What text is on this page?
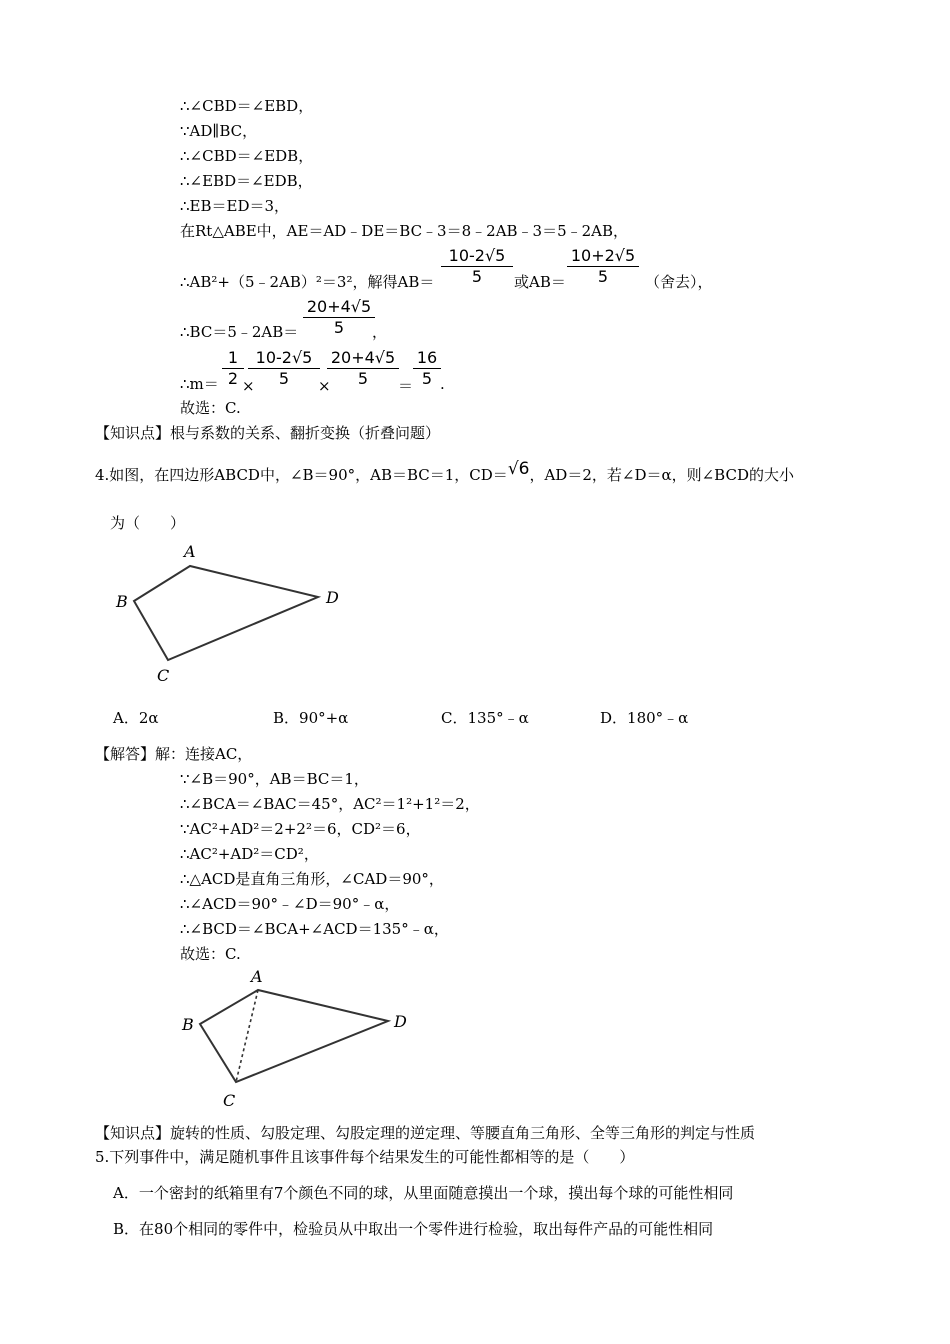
∴∠CBD＝∠EBD，
∵AD∥BC，
∴∠CBD＝∠EDB，
∴∠EBD＝∠EDB，
∴EB＝ED＝3，
在Rt△ABE中，AE＝AD﹣DE＝BC﹣3＝8﹣2AB﹣3＝5﹣2AB，
∴AB²+（5﹣2AB）²＝3²，解得$AB= \frac{10-2√5}{5}$ 或$AB= \frac{10+2√5}{5}$ （舍去），
∴BC＝5﹣2AB＝ $\frac{20+4√5}{5}$
，
∴m＝ $\frac{1}{2}$
×
$\frac{10-2√5}{5}$
×
$\frac{20+4√5}{5} = \frac{16}{5}$ .
故选：C.
【知识点】根与系数的关系、翻折变换（折叠问题）
4.如图，在四边形ABCD中，∠B＝90°，AB＝BC＝1，CD＝√6，AD＝2，若∠D＝α，则∠BCD的大小
为（　　）
A
B
C
D
A．2α	B．90°+α	C．135°﹣α	D．180°﹣α
【解答】解：连接AC，
∵∠B＝90°，AB＝BC＝1，
∴∠BCA＝∠BAC＝45°，AC²＝1²+1²＝2，
∵AC²+AD²＝2+2²＝6，CD²＝6，
∴AC²+AD²＝CD²，
∴△ACD是直角三角形，∠CAD＝90°，
∴∠ACD＝90°﹣∠D＝90°﹣α，
∴∠BCD＝∠BCA+∠ACD＝135°﹣α，
故选：C.
A
B
C
D
【知识点】旋转的性质、勾股定理、勾股定理的逆定理、等腰直角三角形、全等三角形的判定与性质
5.下列事件中，满足随机事件且该事件每个结果发生的可能性都相等的是（　　）
A．一个密封的纸箱里有7个颜色不同的球，从里面随意摸出一个球，摸出每个球的可能性相同
B．在80个相同的零件中，检验员从中取出一个零件进行检验，取出每件产品的可能性相同
